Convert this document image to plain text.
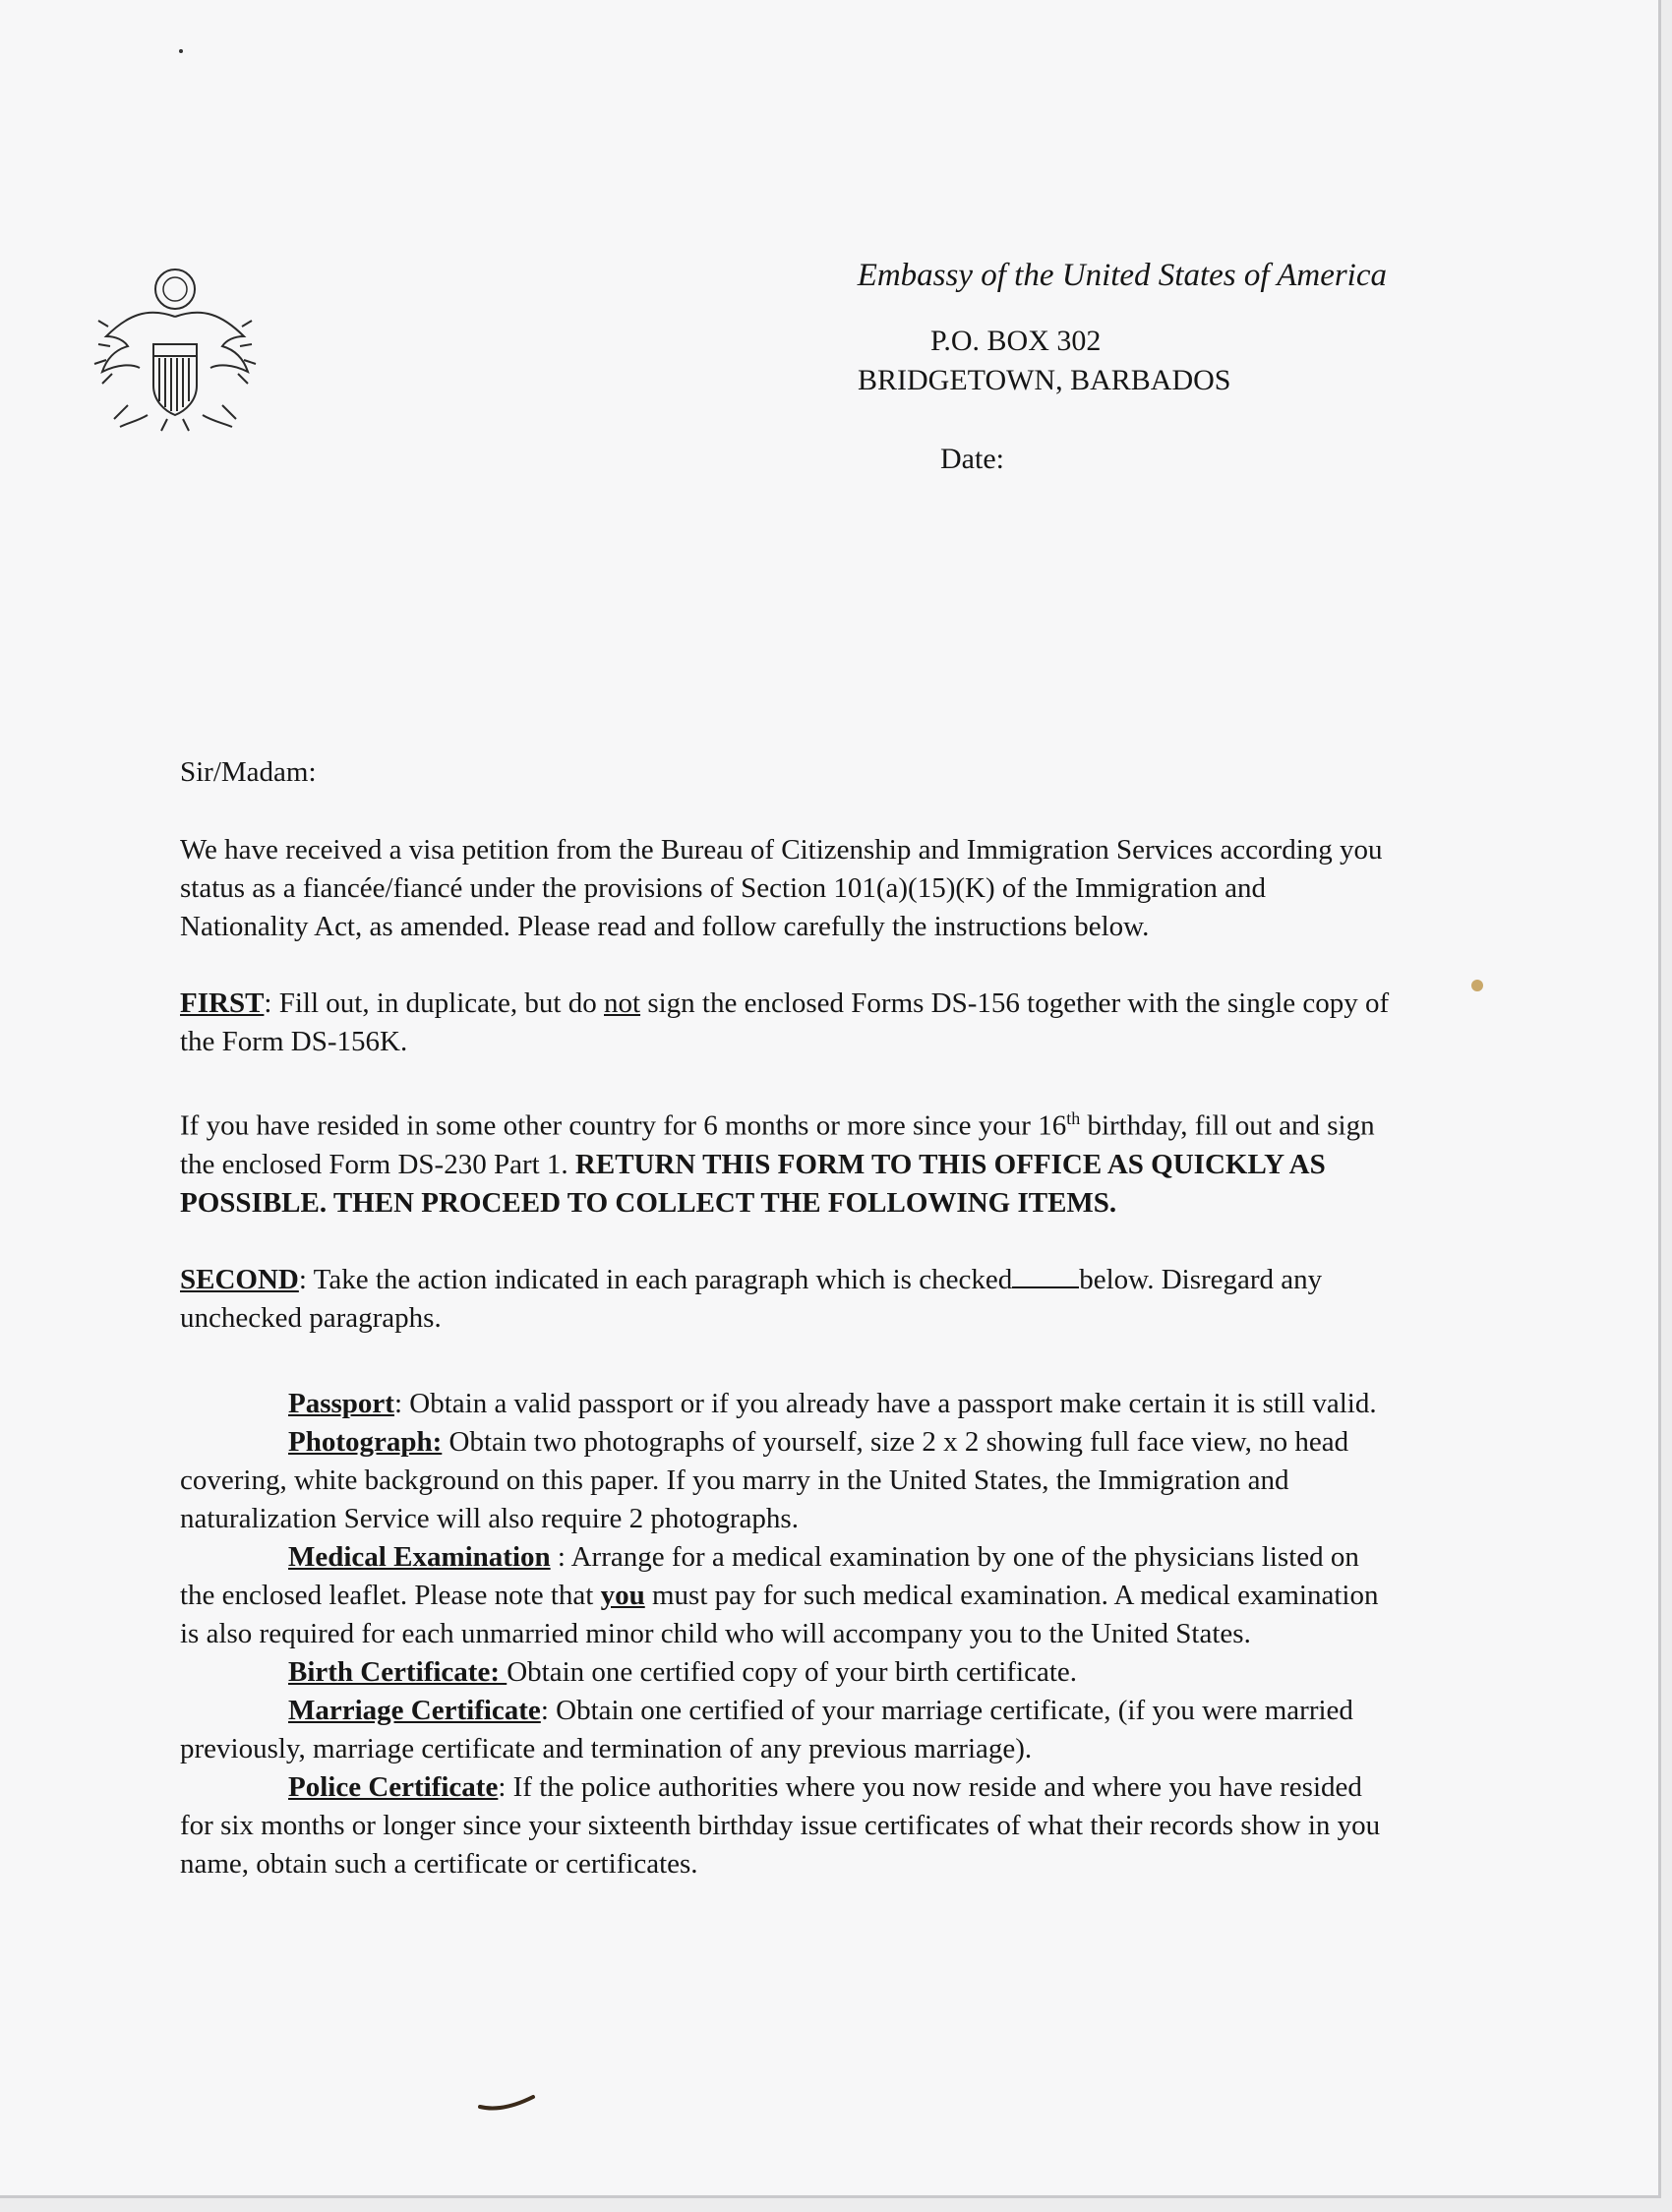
Embassy of the United States of America
P.O. BOX 302
BRIDGETOWN, BARBADOS
Date:

Sir/Madam:

We have received a visa petition from the Bureau of Citizenship and Immigration Services according you status as a fiancée/fiancé under the provisions of Section 101(a)(15)(K) of the Immigration and Nationality Act, as amended. Please read and follow carefully the instructions below.

FIRST: Fill out, in duplicate, but do not sign the enclosed Forms DS-156 together with the single copy of the Form DS-156K.

If you have resided in some other country for 6 months or more since your 16th birthday, fill out and sign the enclosed Form DS-230 Part 1. RETURN THIS FORM TO THIS OFFICE AS QUICKLY AS POSSIBLE. THEN PROCEED TO COLLECT THE FOLLOWING ITEMS.

SECOND: Take the action indicated in each paragraph which is checked below. Disregard any unchecked paragraphs.

Passport: Obtain a valid passport or if you already have a passport make certain it is still valid.

Photograph: Obtain two photographs of yourself, size 2 x 2 showing full face view, no head covering, white background on this paper. If you marry in the United States, the Immigration and naturalization Service will also require 2 photographs.

Medical Examination : Arrange for a medical examination by one of the physicians listed on the enclosed leaflet. Please note that you must pay for such medical examination. A medical examination is also required for each unmarried minor child who will accompany you to the United States.

Birth Certificate: Obtain one certified copy of your birth certificate.

Marriage Certificate: Obtain one certified of your marriage certificate, (if you were married previously, marriage certificate and termination of any previous marriage).

Police Certificate: If the police authorities where you now reside and where you have resided for six months or longer since your sixteenth birthday issue certificates of what their records show in you name, obtain such a certificate or certificates.
